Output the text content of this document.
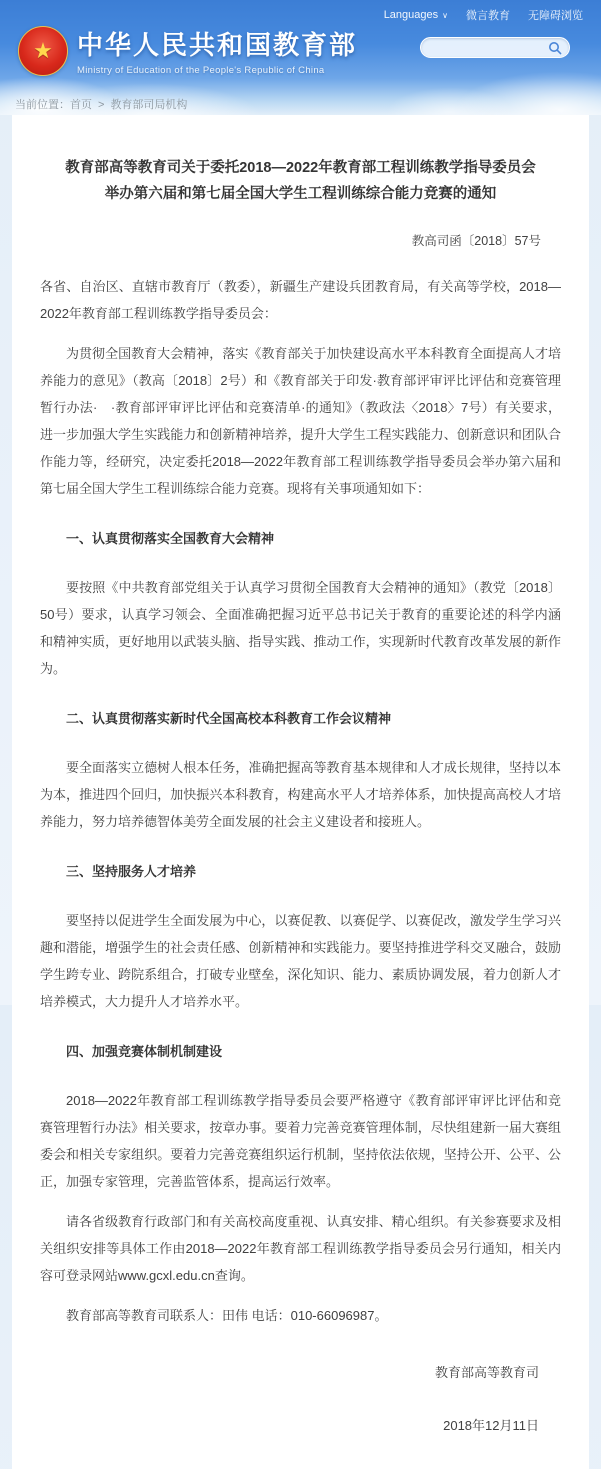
Languages ∨ 微言教育 无障碍浏览
★ 中华人民共和国教育部
Ministry of Education of the People's Republic of China
当前位置：首页 > 教育部司局机构
教育部高等教育司关于委托2018—2022年教育部工程训练教学指导委员会举办第六届和第七届全国大学生工程训练综合能力竞赛的通知
教高司函〔2018〕57号

各省、自治区、直辖市教育厅（教委），新疆生产建设兵团教育局，有关高等学校，2018—2022年教育部工程训练教学指导委员会：

为贯彻全国教育大会精神，落实《教育部关于加快建设高水平本科教育全面提高人才培养能力的意见》（教高〔2018〕2号）和《教育部关于印发·教育部评审评比评估和竞赛管理暂行办法·　·教育部评审评比评估和竞赛清单·的通知》（教政法〈2018〉7号）有关要求，进一步加强大学生实践能力和创新精神培养，提升大学生工程实践能力、创新意识和团队合作能力等，经研究，决定委托2018—2022年教育部工程训练教学指导委员会举办第六届和第七届全国大学生工程训练综合能力竞赛。现将有关事项通知如下：

一、认真贯彻落实全国教育大会精神

要按照《中共教育部党组关于认真学习贯彻全国教育大会精神的通知》（教党〔2018〕50号）要求，认真学习领会、全面准确把握习近平总书记关于教育的重要论述的科学内涵和精神实质，更好地用以武装头脑、指导实践、推动工作，实现新时代教育改革发展的新作为。

二、认真贯彻落实新时代全国高校本科教育工作会议精神

要全面落实立德树人根本任务，准确把握高等教育基本规律和人才成长规律，坚持以本为本，推进四个回归，加快振兴本科教育，构建高水平人才培养体系，加快提高高校人才培养能力，努力培养德智体美劳全面发展的社会主义建设者和接班人。

三、坚持服务人才培养

要坚持以促进学生全面发展为中心，以赛促教、以赛促学、以赛促改，激发学生学习兴趣和潜能，增强学生的社会责任感、创新精神和实践能力。要坚持推进学科交叉融合，鼓励学生跨专业、跨院系组合，打破专业壁垒，深化知识、能力、素质协调发展，着力创新人才培养模式，大力提升人才培养水平。

四、加强竞赛体制机制建设

2018—2022年教育部工程训练教学指导委员会要严格遵守《教育部评审评比评估和竞赛管理暂行办法》相关要求，按章办事。要着力完善竞赛管理体制，尽快组建新一届大赛组委会和相关专家组织。要着力完善竞赛组织运行机制，坚持依法依规，坚持公开、公平、公正，加强专家管理，完善监管体系，提高运行效率。

请各省级教育行政部门和有关高校高度重视、认真安排、精心组织。有关参赛要求及相关组织安排等具体工作由2018—2022年教育部工程训练教学指导委员会另行通知，相关内容可登录网站www.gcxl.edu.cn查询。

教育部高等教育司联系人：田伟 电话：010-66096987。

教育部高等教育司
2018年12月11日
